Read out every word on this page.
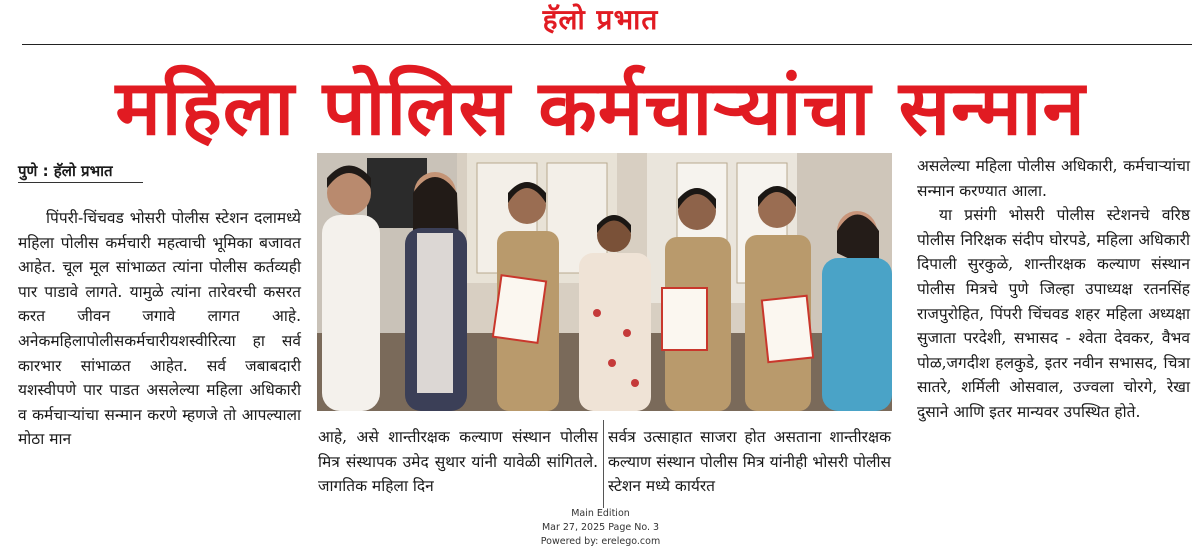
हॅलो प्रभात
महिला पोलिस कर्मचाऱ्यांचा सन्मान
पुणे : हॅलो प्रभात

पिंपरी-चिंचवड भोसरी पोलीस स्टेशन दलामध्ये महिला पोलीस कर्मचारी महत्वाची भूमिका बजावत आहेत. चूल मूल सांभाळत त्यांना पोलीस कर्तव्यही पार पाडावे लागते. यामुळे त्यांना तारेवरची कसरत करत जीवन जगावे लागत आहे. अनेकमहिलापोलीसकर्मचारीयशस्वीरित्या हा सर्व कारभार सांभाळत आहेत. सर्व जबाबदारी यशस्वीपणे पार पाडत असलेल्या महिला अधिकारी व कर्मचाऱ्यांचा सन्मान करणे म्हणजे तो आपल्याला मोठा मान	आहे, असे शान्तीरक्षक कल्याण संस्थान पोलीस मित्र संस्थापक उमेद सुथार यांनी यावेळी सांगितले. जागतिक महिला दिन
सर्वत्र उत्साहात साजरा होत असताना शान्तीरक्षक कल्याण संस्थान पोलीस मित्र यांनीही भोसरी पोलीस स्टेशन मध्ये कार्यरत

असलेल्या महिला पोलीस अधिकारी, कर्मचाऱ्यांचा सन्मान करण्यात आला.

या प्रसंगी भोसरी पोलीस स्टेशनचे वरिष्ठ पोलीस निरिक्षक संदीप घोरपडे, महिला अधिकारी दिपाली सुरकुळे, शान्तीरक्षक कल्याण संस्थान पोलीस मित्रचे पुणे जिल्हा उपाध्यक्ष रतनसिंह राजपुरोहित, पिंपरी चिंचवड शहर महिला अध्यक्षा सुजाता परदेशी, सभासद - श्वेता देवकर, वैभव पोळ,जगदीश हलकुडे, इतर नवीन सभासद, चित्रा सातरे, शर्मिली ओसवाल, उज्वला चोरगे, रेखा दुसाने आणि इतर मान्यवर उपस्थित होते.

Main Edition
Mar 27, 2025 Page No. 3
Powered by: erelego.com
